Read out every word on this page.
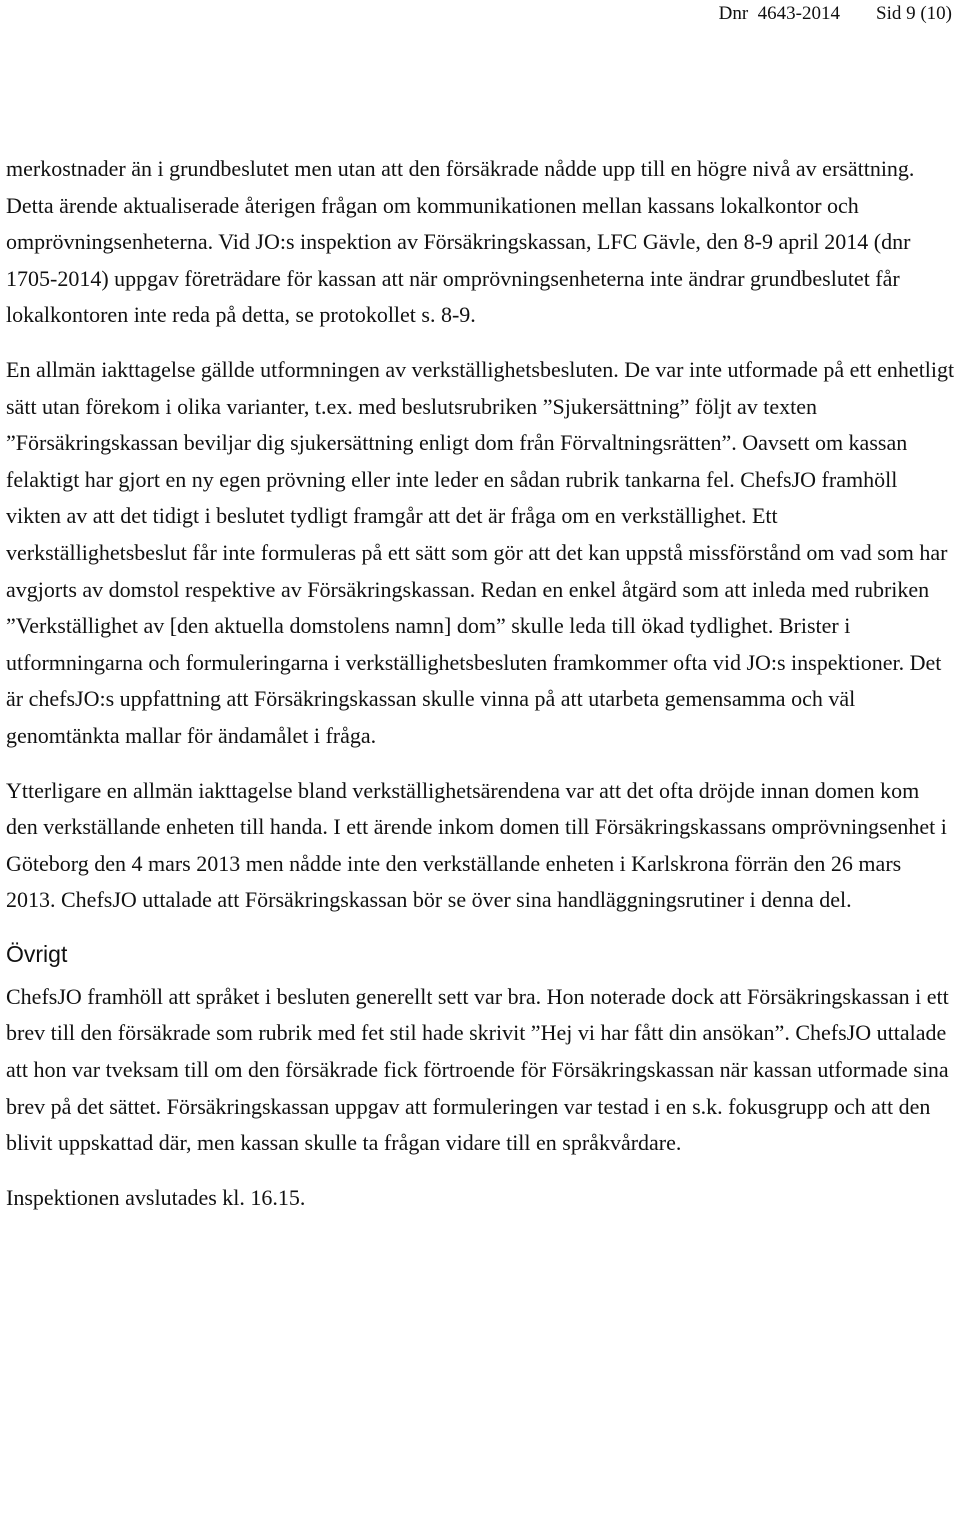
Dnr  4643-2014 Sid 9 (10)

merkostnader än i grundbeslutet men utan att den försäkrade nådde upp till en högre nivå av ersättning. Detta ärende aktualiserade återigen frågan om kommunikationen mellan kassans lokalkontor och omprövningsenheterna. Vid JO:s inspektion av Försäkringskassan, LFC Gävle, den 8-9 april 2014 (dnr 1705-2014) uppgav företrädare för kassan att när omprövningsenheterna inte ändrar grundbeslutet får lokalkontoren inte reda på detta, se protokollet s. 8-9.

En allmän iakttagelse gällde utformningen av verkställighetsbesluten. De var inte utformade på ett enhetligt sätt utan förekom i olika varianter, t.ex. med beslutsrubriken ”Sjukersättning” följt av texten ”Försäkringskassan beviljar dig sjukersättning enligt dom från Förvaltningsrätten”. Oavsett om kassan felaktigt har gjort en ny egen prövning eller inte leder en sådan rubrik tankarna fel. ChefsJO framhöll vikten av att det tidigt i beslutet tydligt framgår att det är fråga om en verkställighet. Ett verkställighetsbeslut får inte formuleras på ett sätt som gör att det kan uppstå missförstånd om vad som har avgjorts av domstol respektive av Försäkringskassan. Redan en enkel åtgärd som att inleda med rubriken ”Verkställighet av [den aktuella domstolens namn] dom” skulle leda till ökad tydlighet. Brister i utformningarna och formuleringarna i verkställighetsbesluten framkommer ofta vid JO:s inspektioner. Det är chefsJO:s uppfattning att Försäkringskassan skulle vinna på att utarbeta gemensamma och väl genomtänkta mallar för ändamålet i fråga.

Ytterligare en allmän iakttagelse bland verkställighetsärendena var att det ofta dröjde innan domen kom den verkställande enheten till handa. I ett ärende inkom domen till Försäkringskassans omprövningsenhet i Göteborg den 4 mars 2013 men nådde inte den verkställande enheten i Karlskrona förrän den 26 mars 2013. ChefsJO uttalade att Försäkringskassan bör se över sina handläggningsrutiner i denna del.

Övrigt

ChefsJO framhöll att språket i besluten generellt sett var bra. Hon noterade dock att Försäkringskassan i ett brev till den försäkrade som rubrik med fet stil hade skrivit ”Hej vi har fått din ansökan”. ChefsJO uttalade att hon var tveksam till om den försäkrade fick förtroende för Försäkringskassan när kassan utformade sina brev på det sättet. Försäkringskassan uppgav att formuleringen var testad i en s.k. fokusgrupp och att den blivit uppskattad där, men kassan skulle ta frågan vidare till en språkvårdare.

Inspektionen avslutades kl. 16.15.
